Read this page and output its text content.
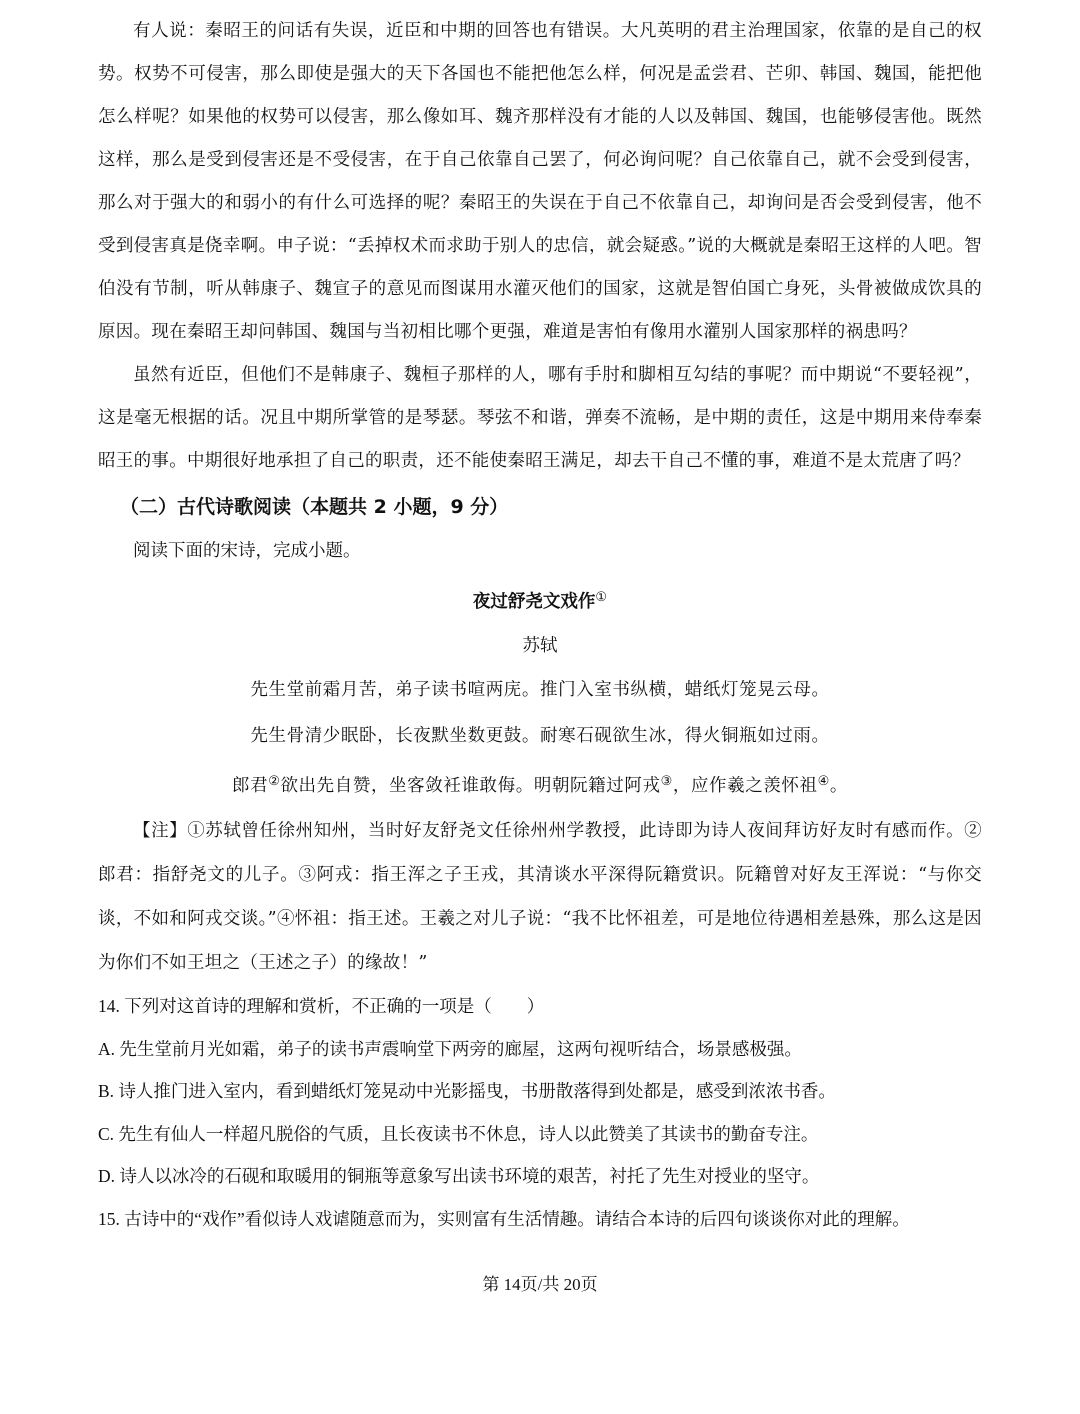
有人说：秦昭王的问话有失误，近臣和中期的回答也有错误。大凡英明的君主治理国家，依靠的是自己的权势。权势不可侵害，那么即使是强大的天下各国也不能把他怎么样，何况是孟尝君、芒卯、韩国、魏国，能把他怎么样呢？如果他的权势可以侵害，那么像如耳、魏齐那样没有才能的人以及韩国、魏国，也能够侵害他。既然这样，那么是受到侵害还是不受侵害，在于自己依靠自己罢了，何必询问呢？自己依靠自己，就不会受到侵害，那么对于强大的和弱小的有什么可选择的呢？秦昭王的失误在于自己不依靠自己，却询问是否会受到侵害，他不受到侵害真是侥幸啊。申子说：“丢掉权术而求助于别人的忠信，就会疑惑。”说的大概就是秦昭王这样的人吧。智伯没有节制，听从韩康子、魏宣子的意见而图谋用水灌灭他们的国家，这就是智伯国亡身死，头骨被做成饮具的原因。现在秦昭王却问韩国、魏国与当初相比哪个更强，难道是害怕有像用水灌别人国家那样的祸患吗？

虽然有近臣，但他们不是韩康子、魏桓子那样的人，哪有手肘和脚相互勾结的事呢？而中期说“不要轻视”，这是毫无根据的话。况且中期所掌管的是琴瑟。琴弦不和谐，弹奏不流畅，是中期的责任，这是中期用来侍奉秦昭王的事。中期很好地承担了自己的职责，还不能使秦昭王满足，却去干自己不懂的事，难道不是太荒唐了吗？

（二）古代诗歌阅读（本题共 2 小题，9 分）

阅读下面的宋诗，完成小题。

夜过舒尧文戏作①

苏轼

先生堂前霜月苦，弟子读书喧两庑。推门入室书纵横，蜡纸灯笼晃云母。

先生骨清少眠卧，长夜默坐数更鼓。耐寒石砚欲生冰，得火铜瓶如过雨。

郎君②欲出先自赞，坐客敛衽谁敢侮。明朝阮籍过阿戎③，应作羲之羡怀祖④。

【注】①苏轼曾任徐州知州，当时好友舒尧文任徐州州学教授，此诗即为诗人夜间拜访好友时有感而作。②郎君：指舒尧文的儿子。③阿戎：指王浑之子王戎，其清谈水平深得阮籍赏识。阮籍曾对好友王浑说：“与你交谈，不如和阿戎交谈。”④怀祖：指王述。王羲之对儿子说：“我不比怀祖差，可是地位待遇相差悬殊，那么这是因为你们不如王坦之（王述之子）的缘故！”

14. 下列对这首诗的理解和赏析，不正确的一项是（　　）

A. 先生堂前月光如霜，弟子的读书声震响堂下两旁的廊屋，这两句视听结合，场景感极强。

B. 诗人推门进入室内，看到蜡纸灯笼晃动中光影摇曳，书册散落得到处都是，感受到浓浓书香。

C. 先生有仙人一样超凡脱俗的气质，且长夜读书不休息，诗人以此赞美了其读书的勤奋专注。

D. 诗人以冰冷的石砚和取暖用的铜瓶等意象写出读书环境的艰苦，衬托了先生对授业的坚守。

15. 古诗中的“戏作”看似诗人戏谑随意而为，实则富有生活情趣。请结合本诗的后四句谈谈你对此的理解。

第 14页/共 20页
